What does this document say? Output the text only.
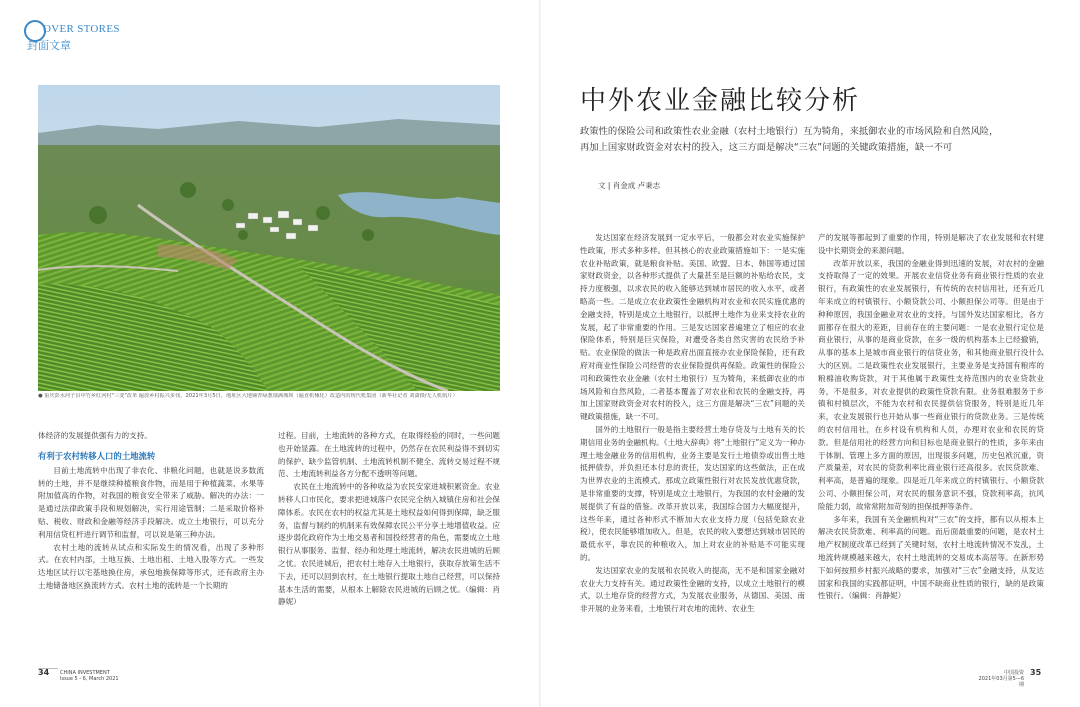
OVER STORES
封面文章
● 重庆彭水河子县中竹乡红河村"三变"改革 遍放乡村振兴步伐。2021年3月5日，地址区大地铺青绿葱郁满城坝（遍直机械化）改造内的现代机集团（新华社记者 刘潇摄/无人机航片）

体经济的发展提供强有力的支持。

有利于农村转移人口的土地流转

目前土地流转中出现了非农化、非粮化问题，也就是说多数流转的土地，并不是继续种植粮食作物，而是用于种植蔬菜、水果等附加值高的作物，对我国的粮食安全带来了威胁。解决的办法：一是通过法律政策手段和规划解决，实行用途管制；二是采取价格补贴、税收、财政和金融等经济手段解决。成立土地银行，可以充分利用信贷杠杆进行调节和监督，可以说是第三种办法。

农村土地的流转从试点和实际发生的情况看，出现了多种形式。在农村内部，土地互换、土地出租、土地入股等方式。一些发达地区试行以宅基地换住房，承包地换保障等形式，还有政府主办土地储备地区换流转方式。农村土地的流转是一个长期的

过程。目前，土地流转的各种方式，在取得经验的同时，一些问题也开始显露。在土地流转的过程中，仍然存在农民利益得不到切实的保护、缺少监管机制、土地流转机制不健全、流转交易过程不规范、土地流转利益各方分配不透明等问题。

农民在土地流转中的各种收益为农民安家进城积累资金。农业转移人口市民化，要求把进城落户农民完全纳入城镇住房和社会保障体系。农民在农村的权益尤其是土地权益如何得到保障，缺乏服务，监督与制约的机制来有效保障农民公平分享土地增值收益。应逐步弱化政府作为土地交易者和国投经营者的角色，需要成立土地银行从事服务、监督、经办和处理土地流转，解决农民进城的后顾之忧。农民进城后，把农村土地存入土地银行，获取存放第生活不下去，还可以回到农村，在土地银行提取土地自己经营，可以保持基本生活的需要，从根本上解除农民进城的后顾之忧。（编辑：肖静妮）

中外农业金融比较分析
政策性的保险公司和政策性农业金融（农村土地银行）互为犄角，来抵御农业的市场风险和自然风险，再加上国家财政资金对农村的投入，这三方面是解决“三农”问题的关键政策措施，缺一不可
文 | 肖金成 卢秉志

发达国家在经济发展到一定水平后，一般都会对农业实施保护性政策，形式多种多样。但其核心的农业政策措施如下：一是实施农业补贴政策，就是粮食补贴。美国、欧盟、日本、韩国等通过国家财政资金，以各种形式提供了大量甚至是巨额的补贴给农民，支持力度极强，以求农民的收入能够达到城市居民的收入水平，或者略高一些。二是成立农业政策性金融机构对农业和农民实施优惠的金融支持，特别是成立土地银行，以抵押土地作为业来支持农业的发展，起了非常重要的作用。三是发达国家普遍建立了相应的农业保险体系，特别是巨灾保险，对遭受各类自然灾害的农民给予补贴。农业保险的做法一种是政府出面直接办农业保险保险，还有政府对商业性保险公司经营的农业保险提供再保险。政策性的保险公司和政策性农业金融（农村土地银行）互为犄角，来抵御农业的市场风险和自然风险，二者基本覆盖了对农业和农民的金融支持，再加上国家财政资金对农村的投入，这三方面是解决“三农”问题的关键政策措施，缺一不可。

国外的土地银行一般是指主要经营土地存贷及与土地有关的长期信用业务的金融机构。《土地大辞典》将“土地银行”定义为一种办理土地金融业务的信用机构，业务主要是发行土地债券或出售土地抵押债券，并负担还本付息的责任，发达国家的这些做法，正在成为世界农业的主流模式。那成立政策性银行对农民发放优惠贷款，是非常重要的支撑，特别是成立土地银行，为我国的农村金融的发展提供了有益的借鉴。改革开放以来，我国综合国力大幅度提升，这些年来，通过各种形式不断加大农业支持力度（包括免除农业税），使农民能够增加收入。但是，农民的收入要想达到城市居民的最低水平，靠农民的种粮收入，加上对农业的补贴是不可能实现的。

发达国家农业的发展和农民收入的提高，无不是和国家金融对农业大力支持有关。通过政策性金融的支持，以成立土地银行的模式，以土地存贷的经营方式，为发展农业服务，从德国、美国、南非开展的业务来看，土地银行对农地的流转、农业生

产的发展等都起到了重要的作用，特别是解决了农业发展和农村建设中长期资金的来源问题。

改革开放以来，我国的金融业得到迅速的发展，对农村的金融支持取得了一定的效果。开展农业信贷业务有商业银行性质的农业银行，有政策性的农业发展银行，有传统的农村信用社，还有近几年来成立的村镇银行、小额贷款公司、小额担保公司等。但是由于种种原因，我国金融业对农业的支持，与国外发达国家相比，各方面都存在很大的差距，目前存在的主要问题：一是农业银行定位是商业银行，从事的是商业贷款，在多一级的机构基本上已经撤销，从事的基本上是城市商业银行的信贷业务，和其他商业银行没什么大的区别。二是政策性农业发展银行，主要业务是支持国有粮库的粮棉油收购贷款，对于其他属于政策性支持范围内的农业贷款业务，不是很多，对农业提供的政策性贷款有限。业务很难服务于乡镇和村镇层次，不能为农村和农民提供信贷服务，特别是近几年来，农业发展银行也开始从事一些商业银行的贷款业务。三是传统的农村信用社，在乡村设有机构和人员，办理对农业和农民的贷款。但是信用社的经营方向和目标也是商业银行的性质，多年来由于体制、管理上多方面的原因，出现很多问题，历史包袱沉重，资产质量差，对农民的贷款利率比商业银行还高很多。农民贷款难、利率高，是普遍的现象。四是近几年来成立的村镇银行、小额贷款公司、小额担保公司，对农民的服务意识不强，贷款利率高，抗风险能力弱，故常常附加苛刻的担保抵押等条件。

多年来，我国有关金融机构对“三农”的支持，都有以从根本上解决农民贷款难、利率高的问题。而后面最重要的问题，是农村土地产权制度改革已经到了关键时刻，农村土地流转情况不发乱，土地流转规模越来越大，农村土地流转的交易成本高居等。在新形势下如何按照乡村振兴战略的要求，加强对“三农”金融支持，从发达国家和我国的实践都证明，中国不缺商业性质的银行，缺的是政策性银行。（编辑：肖静妮）

34 CHINA INVESTMENT
Issue 5 - 6, March 2021
中国投资
2021年03月第5—6期
35
